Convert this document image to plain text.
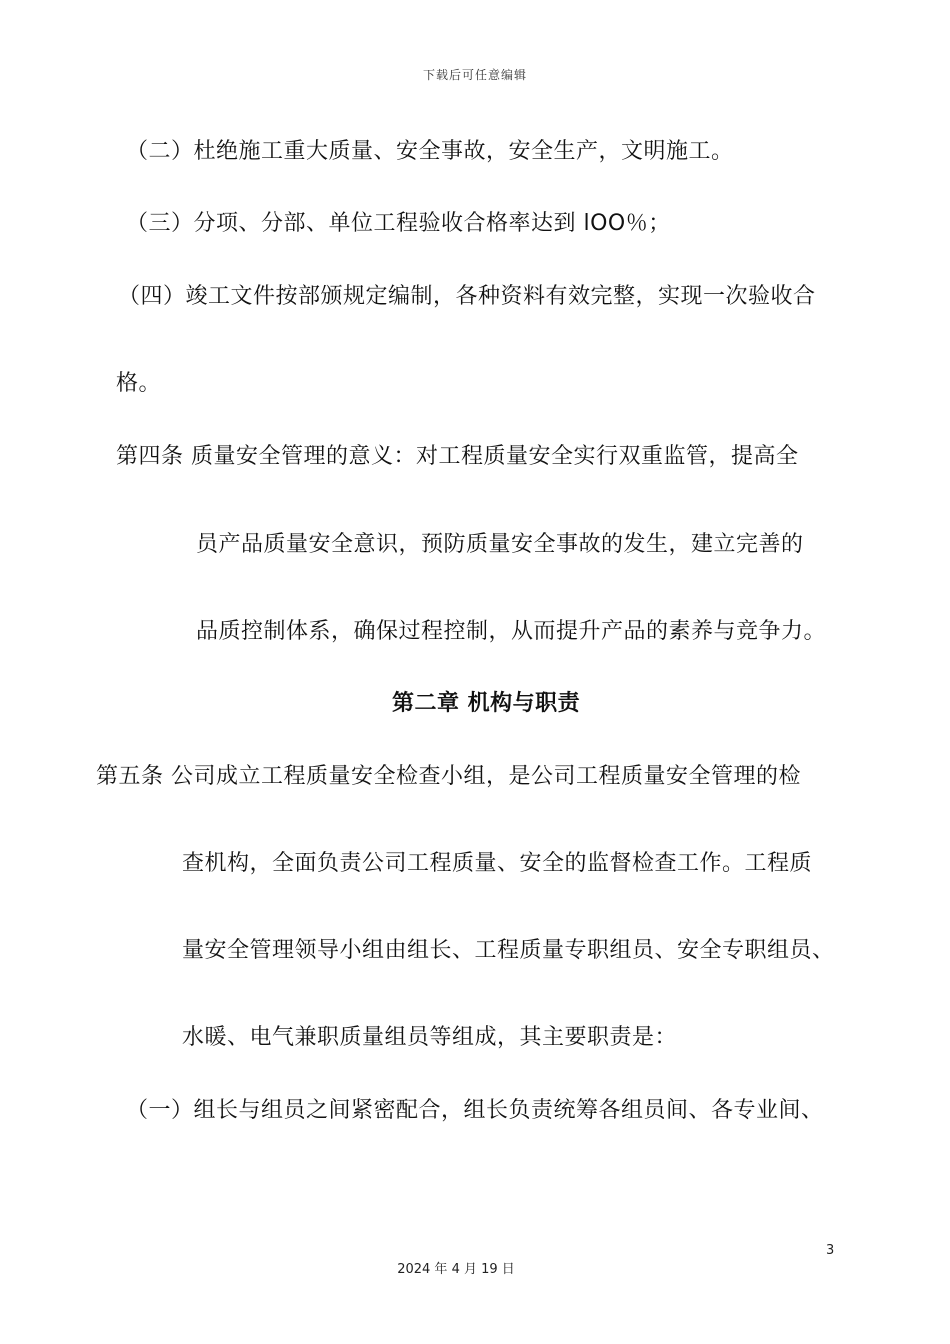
下载后可任意编辑
（二）杜绝施工重大质量、安全事故，安全生产，文明施工。
（三）分项、分部、单位工程验收合格率达到 lOO％；
（四）竣工文件按部颁规定编制，各种资料有效完整，实现一次验收合
格。
第四条 质量安全管理的意义：对工程质量安全实行双重监管，提高全
员产品质量安全意识，预防质量安全事故的发生，建立完善的
品质控制体系，确保过程控制，从而提升产品的素养与竞争力。
第二章 机构与职责
第五条 公司成立工程质量安全检查小组，是公司工程质量安全管理的检
查机构，全面负责公司工程质量、安全的监督检查工作。工程质
量安全管理领导小组由组长、工程质量专职组员、安全专职组员、
水暖、电气兼职质量组员等组成，其主要职责是：
（一）组长与组员之间紧密配合，组长负责统筹各组员间、各专业间、
3
2024 年 4 月 19 日
